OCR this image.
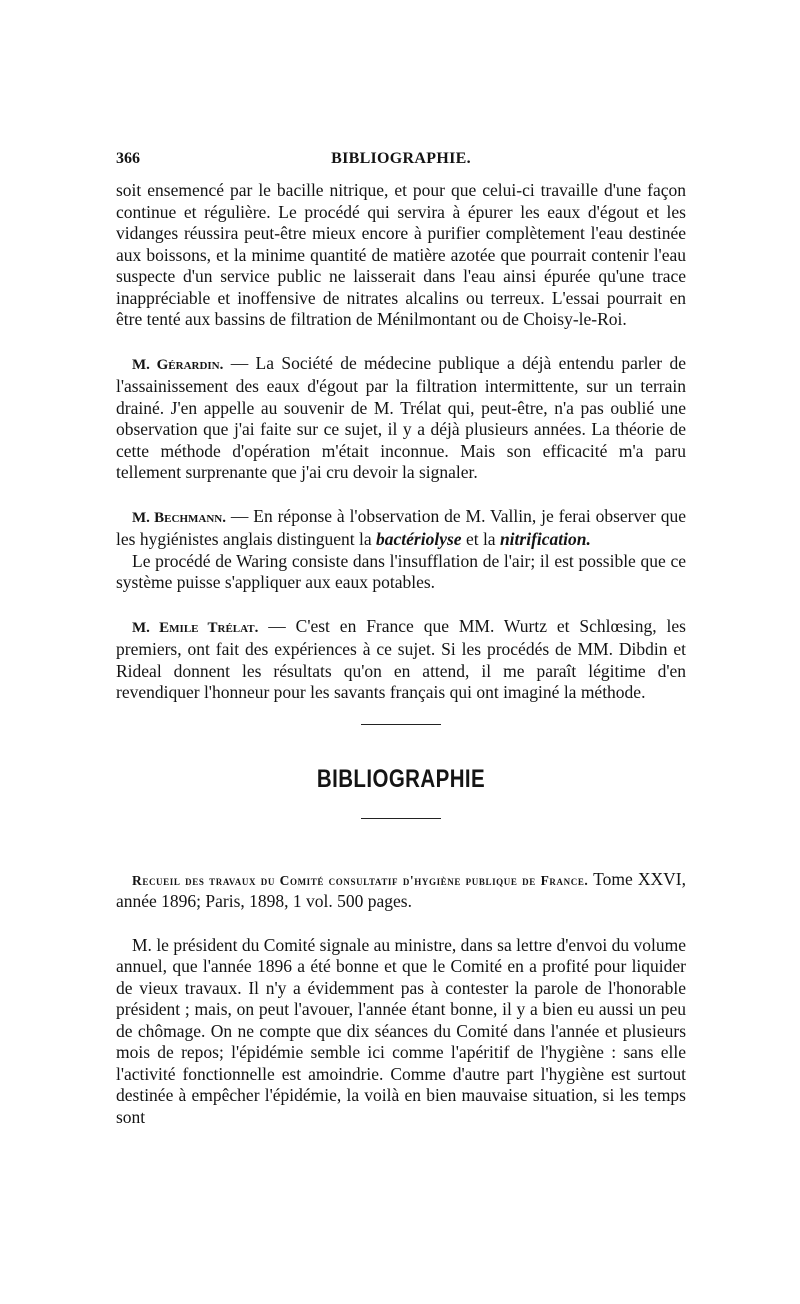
366	BIBLIOGRAPHIE.

soit ensemencé par le bacille nitrique, et pour que celui-ci travaille d'une façon continue et régulière. Le procédé qui servira à épurer les eaux d'égout et les vidanges réussira peut-être mieux encore à purifier complètement l'eau destinée aux boissons, et la minime quantité de matière azotée que pourrait contenir l'eau suspecte d'un service public ne laisserait dans l'eau ainsi épurée qu'une trace inappréciable et inoffensive de nitrates alcalins ou terreux. L'essai pourrait en être tenté aux bassins de filtration de Ménilmontant ou de Choisy-le-Roi.

M. Gérardin. — La Société de médecine publique a déjà entendu parler de l'assainissement des eaux d'égout par la filtration intermittente, sur un terrain drainé. J'en appelle au souvenir de M. Trélat qui, peut-être, n'a pas oublié une observation que j'ai faite sur ce sujet, il y a déjà plusieurs années. La théorie de cette méthode d'opération m'était inconnue. Mais son efficacité m'a paru tellement surprenante que j'ai cru devoir la signaler.

M. Bechmann. — En réponse à l'observation de M. Vallin, je ferai observer que les hygiénistes anglais distinguent la bactériolyse et la nitrification.

Le procédé de Waring consiste dans l'insufflation de l'air; il est possible que ce système puisse s'appliquer aux eaux potables.

M. Emile Trélat. — C'est en France que MM. Wurtz et Schlœsing, les premiers, ont fait des expériences à ce sujet. Si les procédés de MM. Dibdin et Rideal donnent les résultats qu'on en attend, il me paraît légitime d'en revendiquer l'honneur pour les savants français qui ont imaginé la méthode.

BIBLIOGRAPHIE

Recueil des travaux du Comité consultatif d'hygiène publique de France. Tome XXVI, année 1896; Paris, 1898, 1 vol. 500 pages.

M. le président du Comité signale au ministre, dans sa lettre d'envoi du volume annuel, que l'année 1896 a été bonne et que le Comité en a profité pour liquider de vieux travaux. Il n'y a évidemment pas à contester la parole de l'honorable président ; mais, on peut l'avouer, l'année étant bonne, il y a bien eu aussi un peu de chômage. On ne compte que dix séances du Comité dans l'année et plusieurs mois de repos; l'épidémie semble ici comme l'apéritif de l'hygiène : sans elle l'activité fonctionnelle est amoindrie. Comme d'autre part l'hygiène est surtout destinée à empêcher l'épidémie, la voilà en bien mauvaise situation, si les temps sont
